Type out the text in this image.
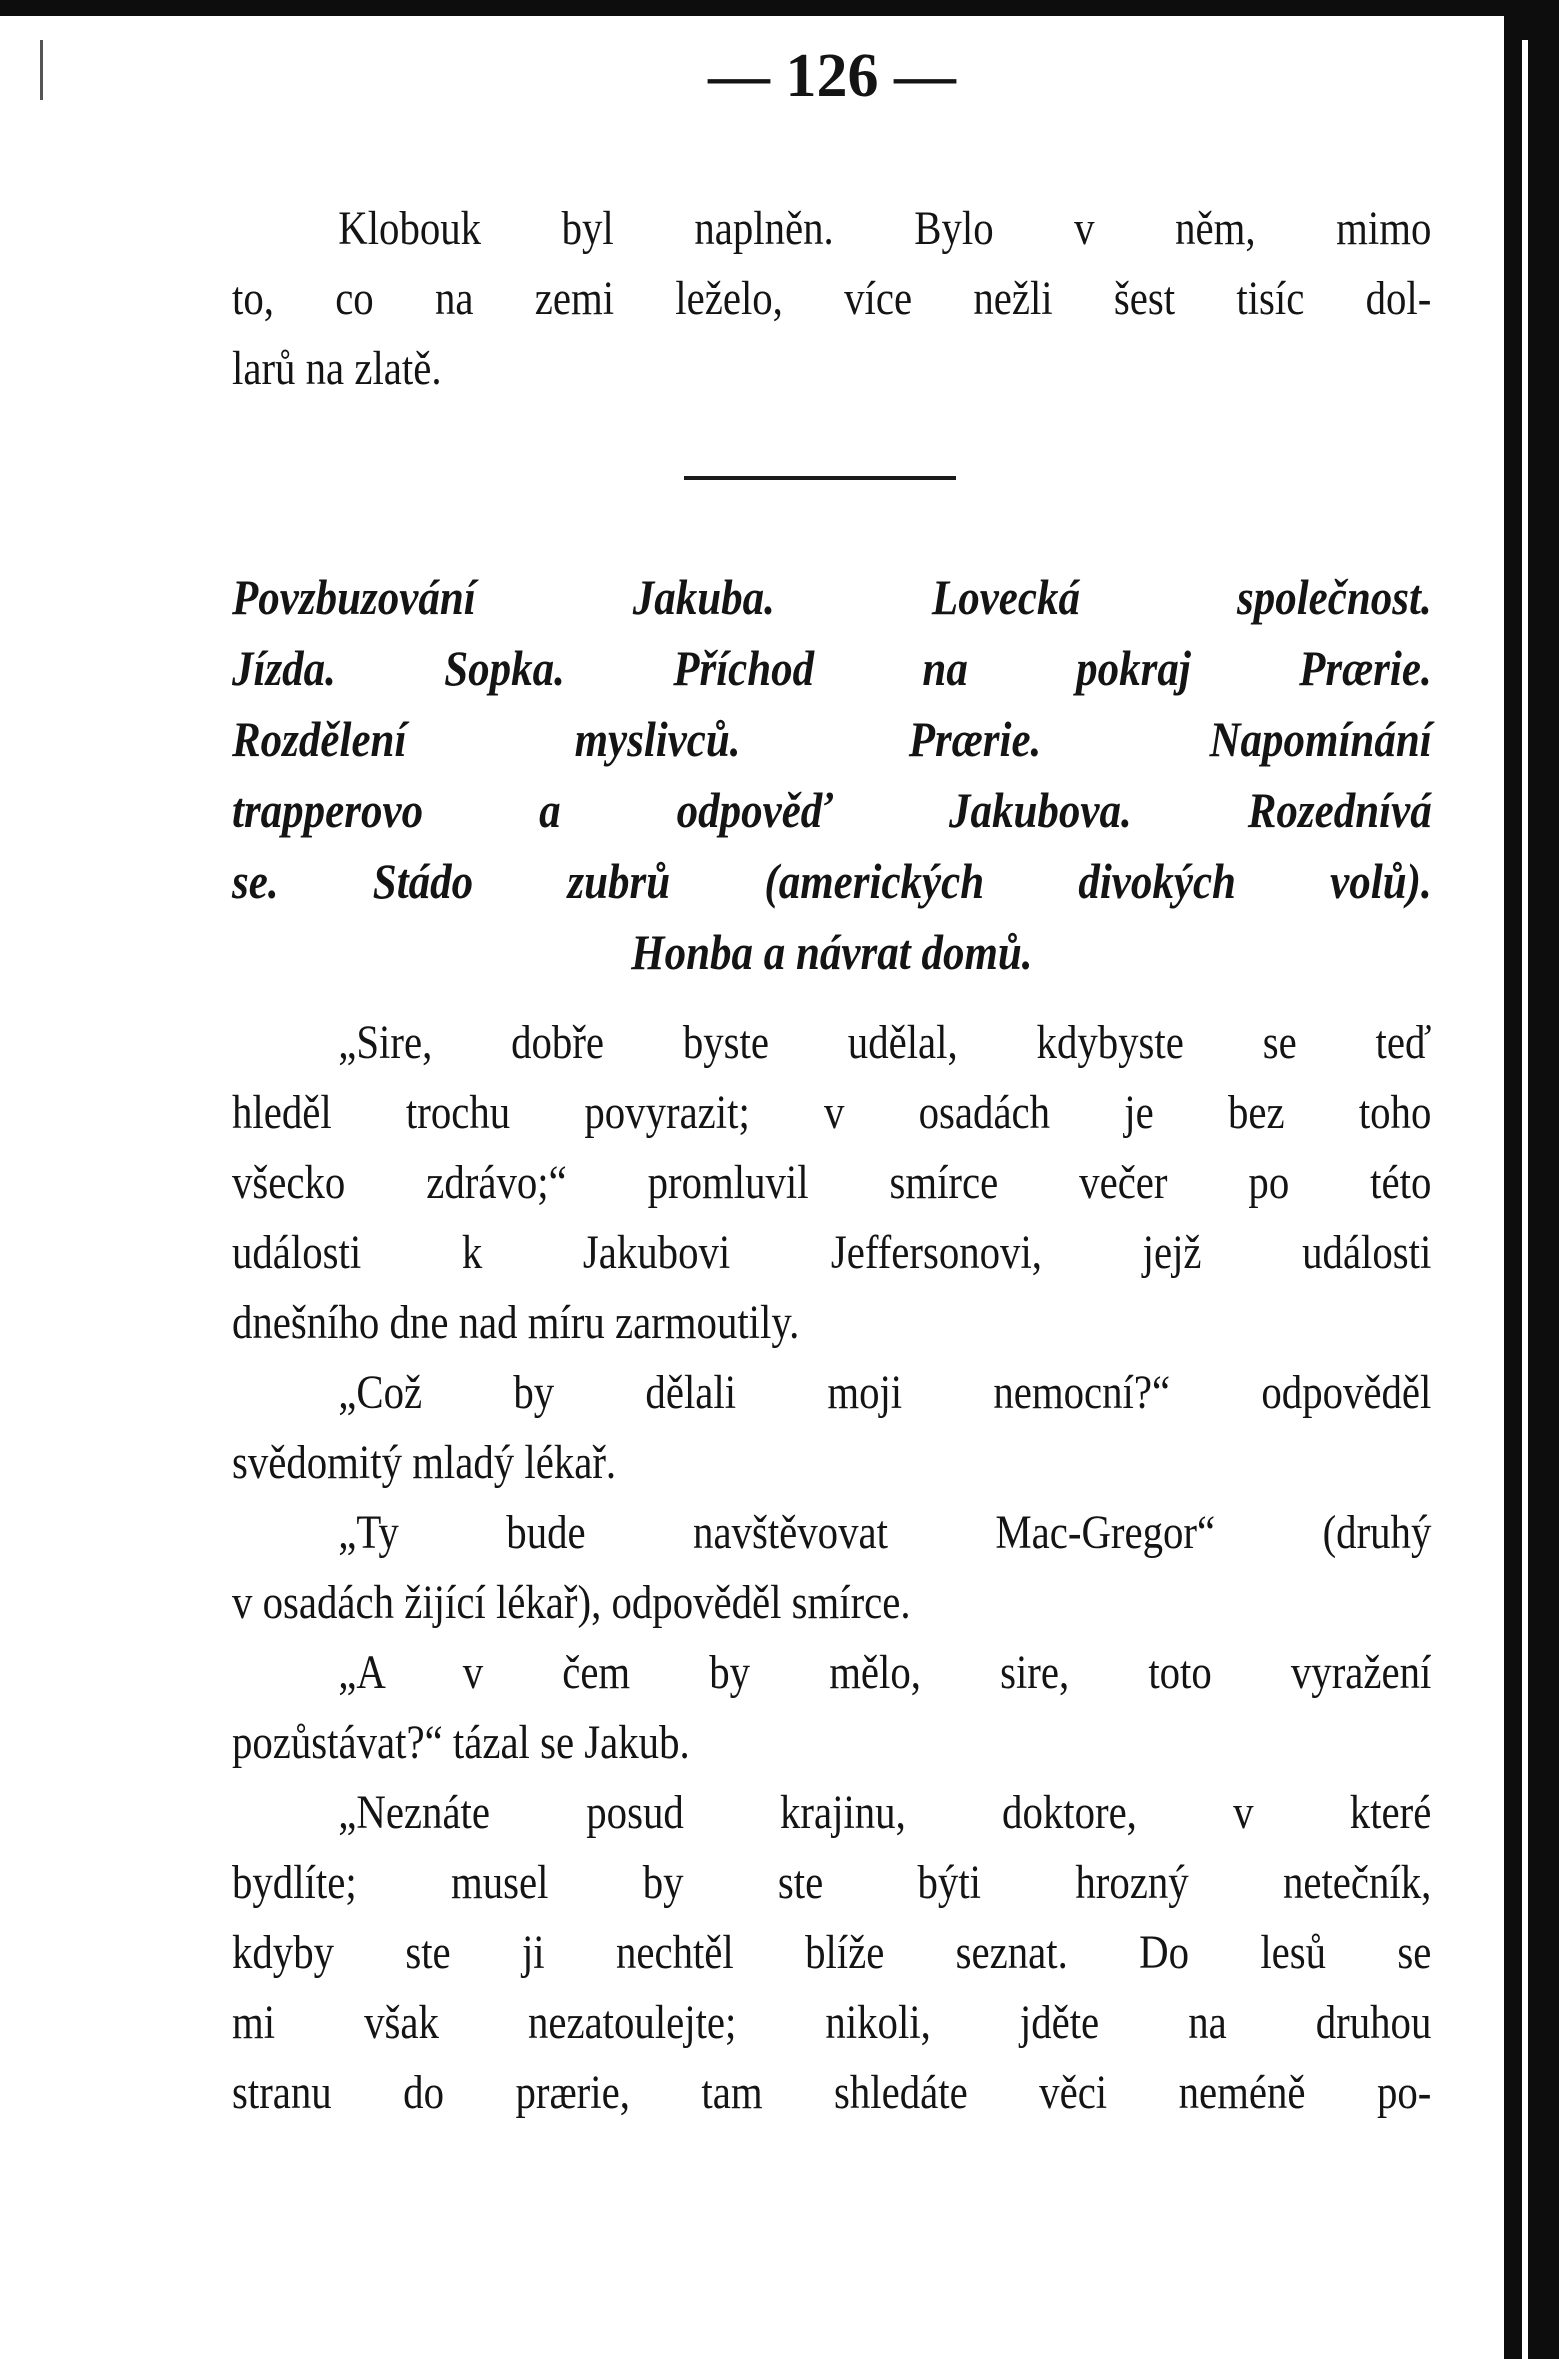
— 126 —
Klobouk byl naplněn. Bylo v něm, mimo
to, co na zemi leželo, více nežli šest tisíc dol-
larů na zlatě.
Povzbuzování Jakuba. Lovecká společnost.
Jízda. Sopka. Příchod na pokraj Prærie.
Rozdělení myslivců. Prærie. Napomínání
trapperovo a odpověď Jakubova. Rozednívá
se. Stádo zubrů (amerických divokých volů).
Honba a návrat domů.
„Sire, dobře byste udělal, kdybyste se teď
hleděl trochu povyrazit; v osadách je bez toho
všecko zdrávo;“ promluvil smírce večer po této
události k Jakubovi Jeffersonovi, jejž události
dnešního dne nad míru zarmoutily.
„Což by dělali moji nemocní?“ odpověděl
svědomitý mladý lékař.
„Ty bude navštěvovat Mac-Gregor“ (druhý
v osadách žijící lékař), odpověděl smírce.
„A v čem by mělo, sire, toto vyražení
pozůstávat?“ tázal se Jakub.
„Neznáte posud krajinu, doktore, v které
bydlíte; musel by ste býti hrozný netečník,
kdyby ste ji nechtěl blíže seznat. Do lesů se
mi však nezatoulejte; nikoli, jděte na druhou
stranu do prærie, tam shledáte věci neméně po-
